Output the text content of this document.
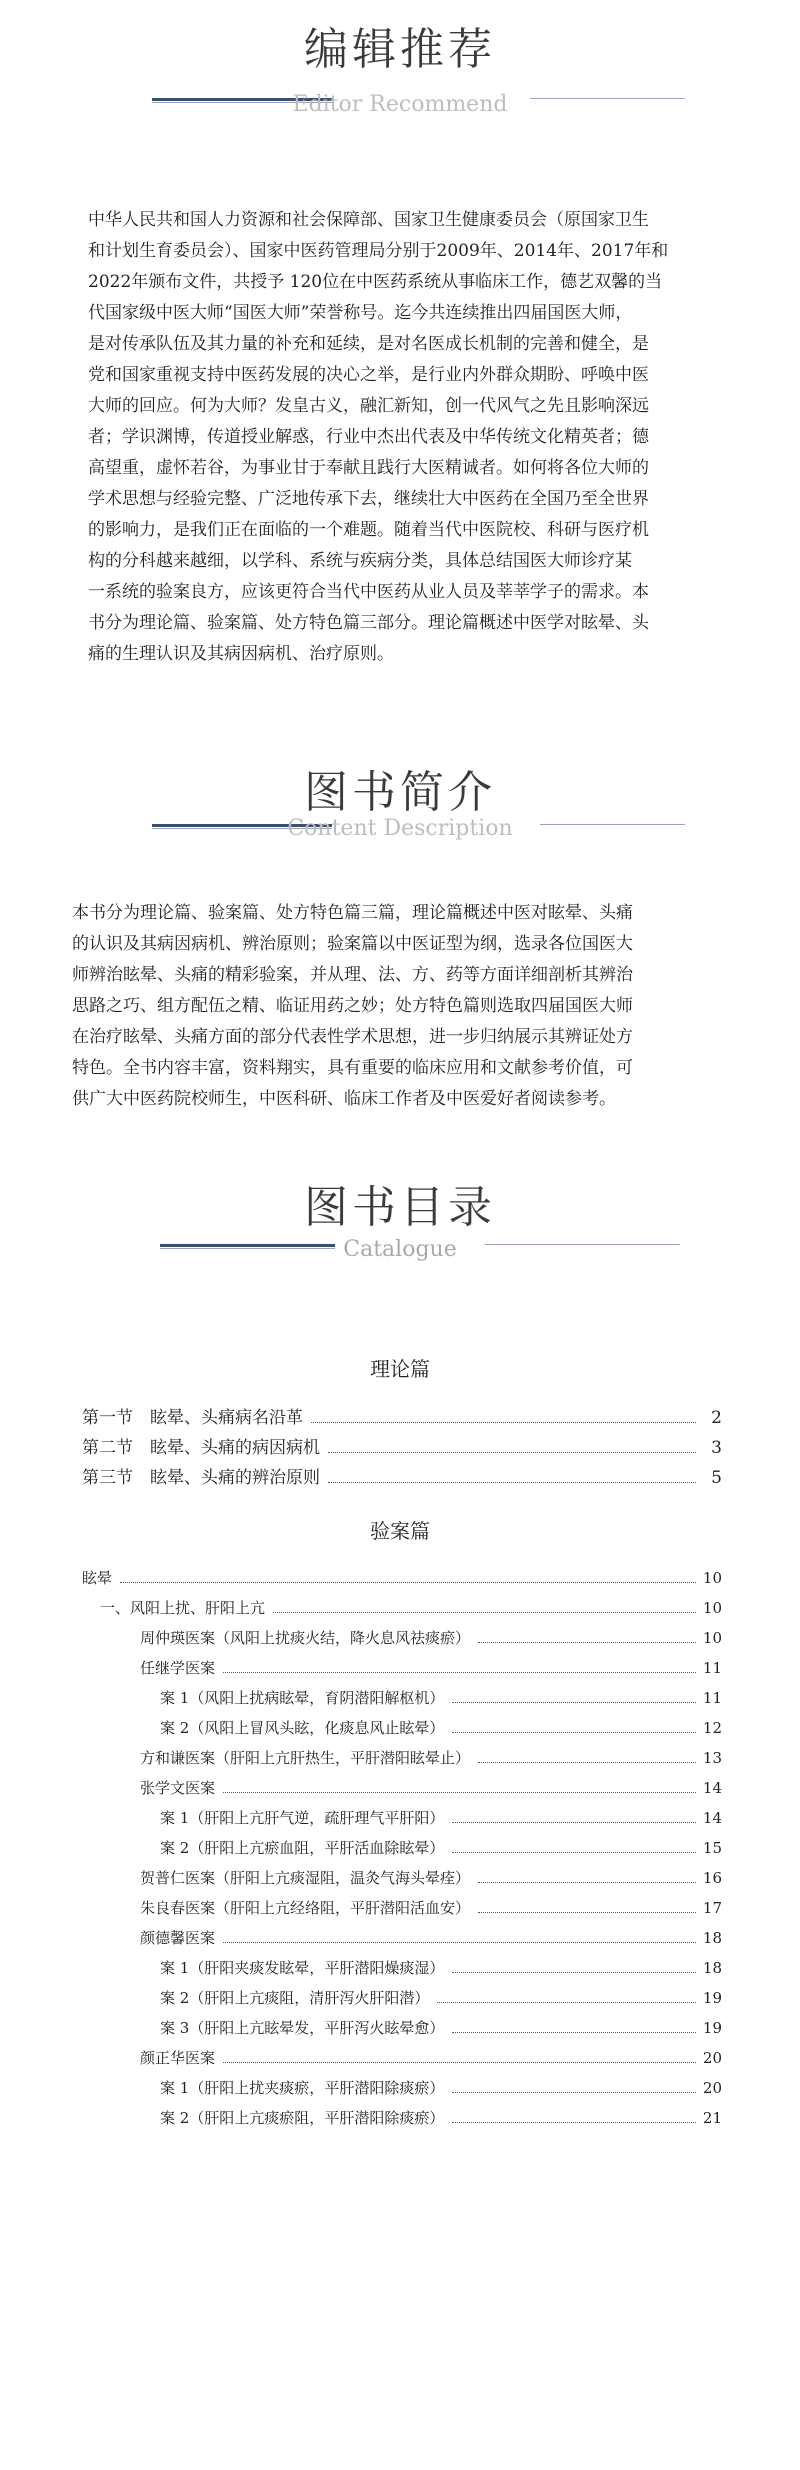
编辑推荐
Editor Recommend
中华人民共和国人力资源和社会保障部、国家卫生健康委员会（原国家卫生
和计划生育委员会）、国家中医药管理局分别于2009年、2014年、2017年和
2022年颁布文件，共授予 120位在中医药系统从事临床工作，德艺双馨的当
代国家级中医大师“国医大师”荣誉称号。迄今共连续推出四届国医大师，
是对传承队伍及其力量的补充和延续，是对名医成长机制的完善和健全，是
党和国家重视支持中医药发展的决心之举，是行业内外群众期盼、呼唤中医
大师的回应。何为大师？发皇古义，融汇新知，创一代风气之先且影响深远
者；学识渊博，传道授业解惑，行业中杰出代表及中华传统文化精英者；德
高望重，虚怀若谷，为事业甘于奉献且践行大医精诚者。如何将各位大师的
学术思想与经验完整、广泛地传承下去，继续壮大中医药在全国乃至全世界
的影响力，是我们正在面临的一个难题。随着当代中医院校、科研与医疗机
构的分科越来越细，以学科、系统与疾病分类，具体总结国医大师诊疗某
一系统的验案良方，应该更符合当代中医药从业人员及莘莘学子的需求。本
书分为理论篇、验案篇、处方特色篇三部分。理论篇概述中医学对眩晕、头
痛的生理认识及其病因病机、治疗原则。
图书简介
Content Description
本书分为理论篇、验案篇、处方特色篇三篇，理论篇概述中医对眩晕、头痛
的认识及其病因病机、辨治原则；验案篇以中医证型为纲，选录各位国医大
师辨治眩晕、头痛的精彩验案，并从理、法、方、药等方面详细剖析其辨治
思路之巧、组方配伍之精、临证用药之妙；处方特色篇则选取四届国医大师
在治疗眩晕、头痛方面的部分代表性学术思想，进一步归纳展示其辨证处方
特色。全书内容丰富，资料翔实，具有重要的临床应用和文献参考价值，可
供广大中医药院校师生，中医科研、临床工作者及中医爱好者阅读参考。
图书目录
Catalogue
理论篇
第一节　眩晕、头痛病名沿革	2
第二节　眩晕、头痛的病因病机	3
第三节　眩晕、头痛的辨治原则	5
验案篇
眩晕	10
一、风阳上扰、肝阳上亢	10
周仲瑛医案（风阳上扰痰火结，降火息风祛痰瘀）	10
任继学医案	11
案 1（风阳上扰病眩晕，育阴潜阳解枢机）	11
案 2（风阳上冒风头眩，化痰息风止眩晕）	12
方和谦医案（肝阳上亢肝热生，平肝潜阳眩晕止）	13
张学文医案	14
案 1（肝阳上亢肝气逆，疏肝理气平肝阳）	14
案 2（肝阳上亢瘀血阻，平肝活血除眩晕）	15
贺普仁医案（肝阳上亢痰湿阻，温灸气海头晕痊）	16
朱良春医案（肝阳上亢经络阻，平肝潜阳活血安）	17
颜德馨医案	18
案 1（肝阳夹痰发眩晕，平肝潜阳燥痰湿）	18
案 2（肝阳上亢痰阻，清肝泻火肝阳潜）	19
案 3（肝阳上亢眩晕发，平肝泻火眩晕愈）	19
颜正华医案	20
案 1（肝阳上扰夹痰瘀，平肝潜阳除痰瘀）	20
案 2（肝阳上亢痰瘀阻，平肝潜阳除痰瘀）	21
